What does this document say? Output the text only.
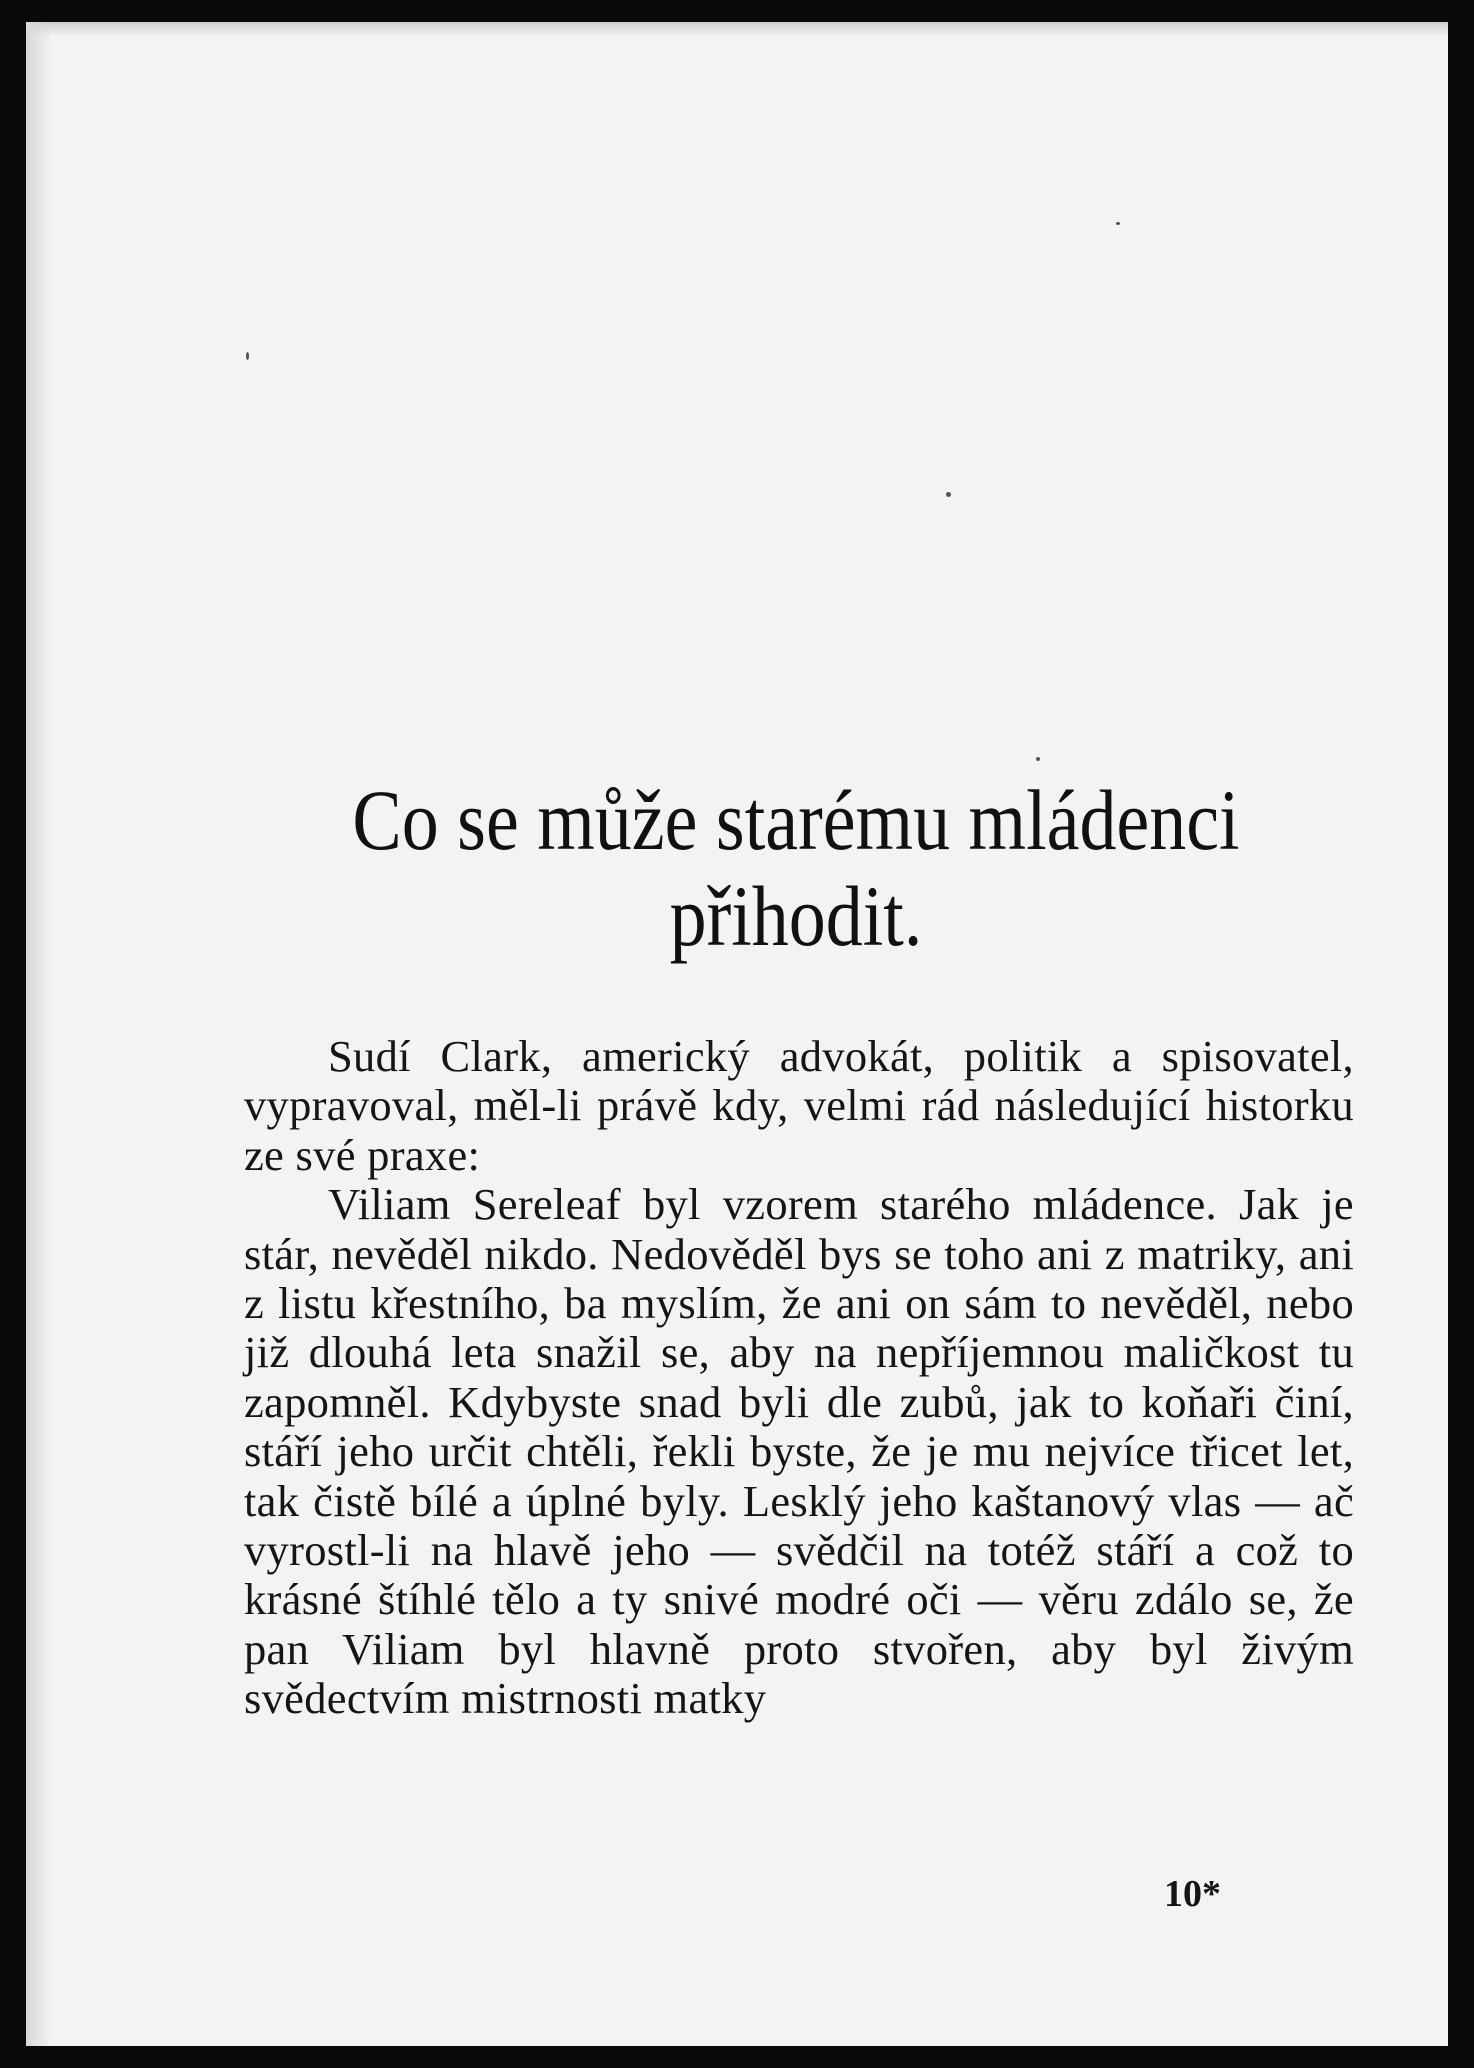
Co se může starému mládenci
přihodit.

Sudí Clark, americký advokát, politik a spisovatel, vypravoval, měl-li právě kdy, velmi rád následující historku ze své praxe:

Viliam Sereleaf byl vzorem starého mládence. Jak je stár, nevěděl nikdo. Nedověděl bys se toho ani z matriky, ani z listu křestního, ba myslím, že ani on sám to nevěděl, nebo již dlouhá leta snažil se, aby na nepříjemnou maličkost tu zapomněl. Kdybyste snad byli dle zubů, jak to koňaři činí, stáří jeho určit chtěli, řekli byste, že je mu nejvíce třicet let, tak čistě bílé a úplné byly. Lesklý jeho kaštanový vlas — ač vyrostl-li na hlavě jeho — svědčil na totéž stáří a což to krásné štíhlé tělo a ty snivé modré oči — věru zdálo se, že pan Viliam byl hlavně proto stvořen, aby byl živým svědectvím mistrnosti matky

10*
